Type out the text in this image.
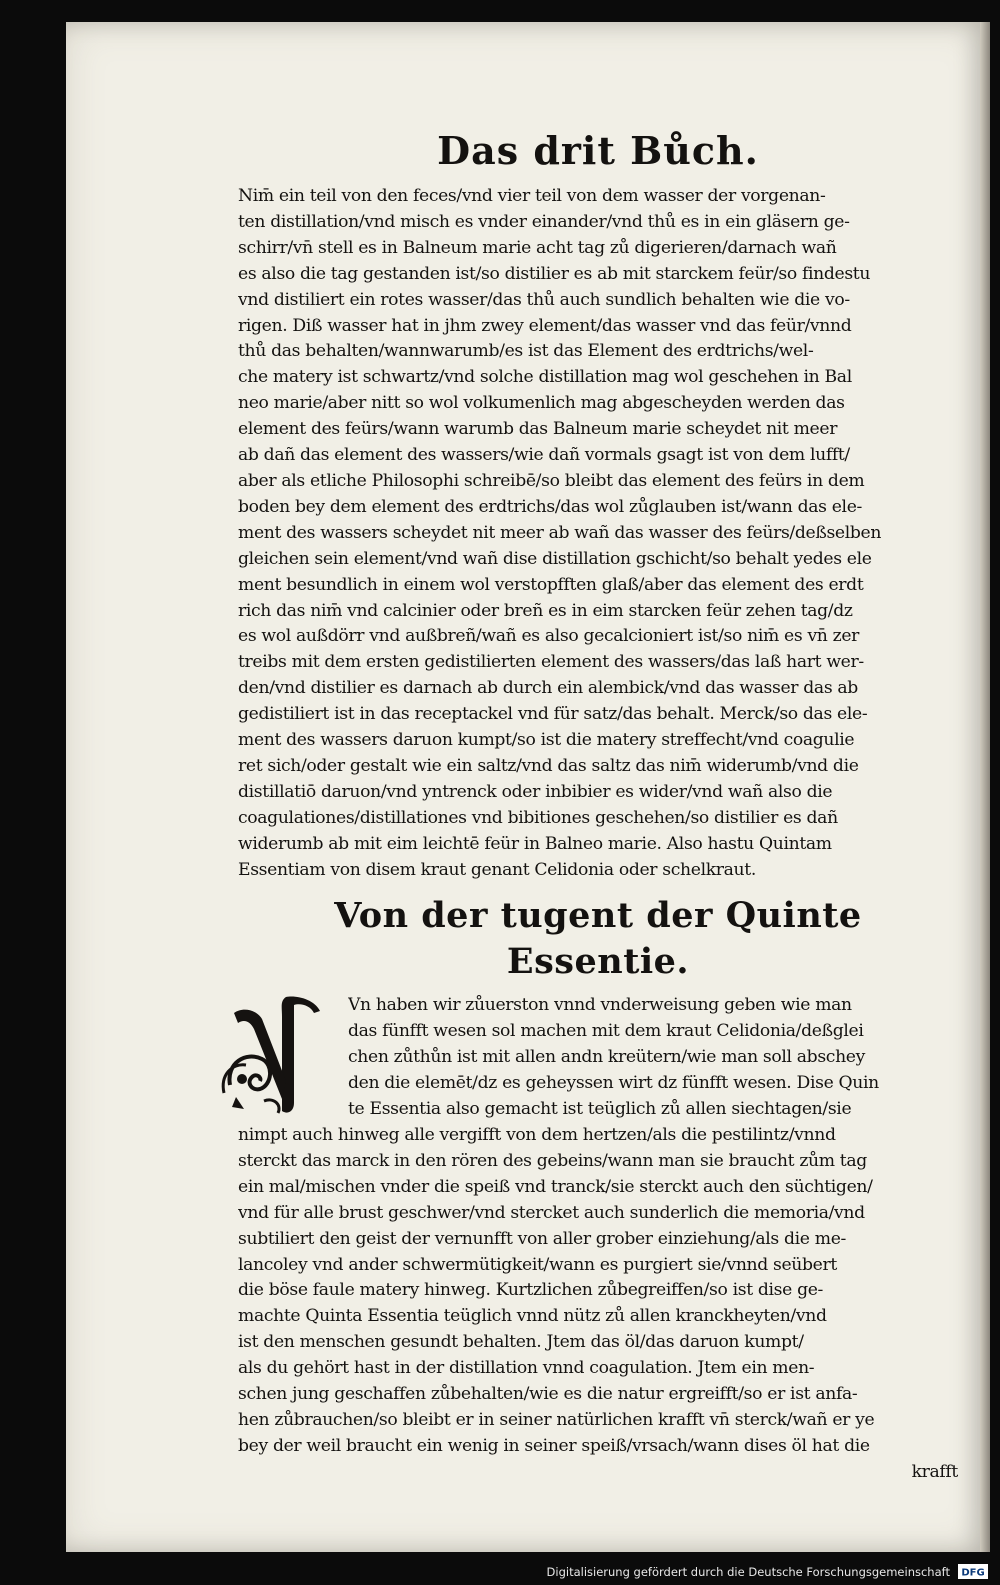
Das drit Bůch.
Nim̄ ein teil von den feces/vnd vier teil von dem wasser der vorgenan-
ten distillation/vnd misch es vnder einander/vnd thů es in ein gläsern ge-
schirr/vn̄ stell es in Balneum marie acht tag zů digerieren/darnach wañ
es also die tag gestanden ist/so distilier es ab mit starckem feür/so findestu
vnd distiliert ein rotes wasser/das thů auch sundlich behalten wie die vo-
rigen. Diß wasser hat in jhm zwey element/das wasser vnd das feür/vnnd
thů das behalten/wannwarumb/es ist das Element des erdtrichs/wel-
che matery ist schwartz/vnd solche distillation mag wol geschehen in Bal
neo marie/aber nitt so wol volkumenlich mag abgescheyden werden das
element des feürs/wann warumb das Balneum marie scheydet nit meer
ab dañ das element des wassers/wie dañ vormals gsagt ist von dem lufft/
aber als etliche Philosophi schreibē/so bleibt das element des feürs in dem
boden bey dem element des erdtrichs/das wol zůglauben ist/wann das ele-
ment des wassers scheydet nit meer ab wañ das wasser des feürs/deßselben
gleichen sein element/vnd wañ dise distillation gschicht/so behalt yedes ele
ment besundlich in einem wol verstopfften glaß/aber das element des erdt
rich das nim̄ vnd calcinier oder breñ es in eim starcken feür zehen tag/dz
es wol außdörr vnd außbreñ/wañ es also gecalcioniert ist/so nim̄ es vn̄ zer
treibs mit dem ersten gedistilierten element des wassers/das laß hart wer-
den/vnd distilier es darnach ab durch ein alembick/vnd das wasser das ab
gedistiliert ist in das receptackel vnd für satz/das behalt. Merck/so das ele-
ment des wassers daruon kumpt/so ist die matery streffecht/vnd coagulie
ret sich/oder gestalt wie ein saltz/vnd das saltz das nim̄ widerumb/vnd die
distillatiō daruon/vnd yntrenck oder inbibier es wider/vnd wañ also die
coagulationes/distillationes vnd bibitiones geschehen/so distilier es dañ
widerumb ab mit eim leichtē feür in Balneo marie. Also hastu Quintam
Essentiam von disem kraut genant Celidonia oder schelkraut.
Von der tugent der Quinte Essentie.
Vn haben wir zůuerston vnnd vnderweisung geben wie man
das fünfft wesen sol machen mit dem kraut Celidonia/deßglei
chen zůthůn ist mit allen andn kreütern/wie man soll abschey
den die elemēt/dz es geheyssen wirt dz fünfft wesen. Dise Quin
te Essentia also gemacht ist teüglich zů allen siechtagen/sie
nimpt auch hinweg alle vergifft von dem hertzen/als die pestilintz/vnnd
sterckt das marck in den rören des gebeins/wann man sie braucht zům tag
ein mal/mischen vnder die speiß vnd tranck/sie sterckt auch den süchtigen/
vnd für alle brust geschwer/vnd stercket auch sunderlich die memoria/vnd
subtiliert den geist der vernunfft von aller grober einziehung/als die me-
lancoley vnd ander schwermütigkeit/wann es purgiert sie/vnnd seübert
die böse faule matery hinweg. Kurtzlichen zůbegreiffen/so ist dise ge-
machte Quinta Essentia teüglich vnnd nütz zů allen kranckheyten/vnd
ist den menschen gesundt behalten. Jtem das öl/das daruon kumpt/
als du gehört hast in der distillation vnnd coagulation. Jtem ein men-
schen jung geschaffen zůbehalten/wie es die natur ergreifft/so er ist anfa-
hen zůbrauchen/so bleibt er in seiner natürlichen krafft vn̄ sterck/wañ er ye
bey der weil braucht ein wenig in seiner speiß/vrsach/wann dises öl hat die
krafft
Digitalisierung gefördert durch die Deutsche Forschungsgemeinschaft DFG
